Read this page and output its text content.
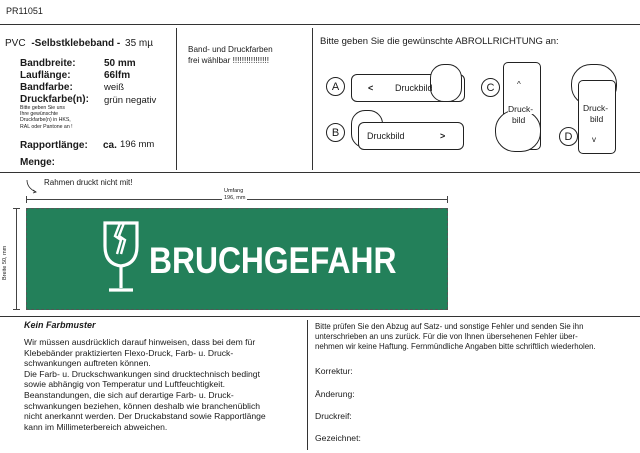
PR11051
PVC -Selbstklebeband - 35 mµ
Bandbreite:	50 mm
Lauflänge:	66lfm
Bandfarbe:	weiß
Druckfarbe(n): grün negativ
Bitte geben Sie uns
Ihre gewünschte
Druckfarbe(n) in HKS,
RAL oder Pantone an !
Rapportlänge: ca. 196 mm
Menge:
Band- und Druckfarben
frei wählbar !!!!!!!!!!!!!!!!
Bitte geben Sie die gewünschte ABROLLRICHTUNG an:
A	< Druckbild
B	Druckbild	>
C	^
Druck-
bild
D
Druck-
bild
v
Rahmen druckt nicht mit!
Umfang
196, mm
Breite 50, mm	BRUCHGEFAHR
Kein Farbmuster
Wir müssen ausdrücklich darauf hinweisen, dass bei dem für
Klebebänder praktizierten Flexo-Druck, Farb- u. Druck-
schwankungen auftreten können.
Die Farb- u. Druckschwankungen sind drucktechnisch bedingt
sowie abhängig von Temperatur und Luftfeuchtigkeit.
Beanstandungen, die sich auf derartige Farb- u. Druck-
schwankungen beziehen, können deshalb wie branchenüblich
nicht anerkannt werden. Der Druckabstand sowie Rapportlänge
kann im Millimeterbereich abweichen.
Bitte prüfen Sie den Abzug auf Satz- und sonstige Fehler und senden Sie ihn
unterschrieben an uns zurück. Für die von Ihnen übersehenen Fehler über-
nehmen wir keine Haftung. Fernmündliche Angaben bitte schriftlich wiederholen.
Korrektur:
Änderung:
Druckreif:
Gezeichnet:
